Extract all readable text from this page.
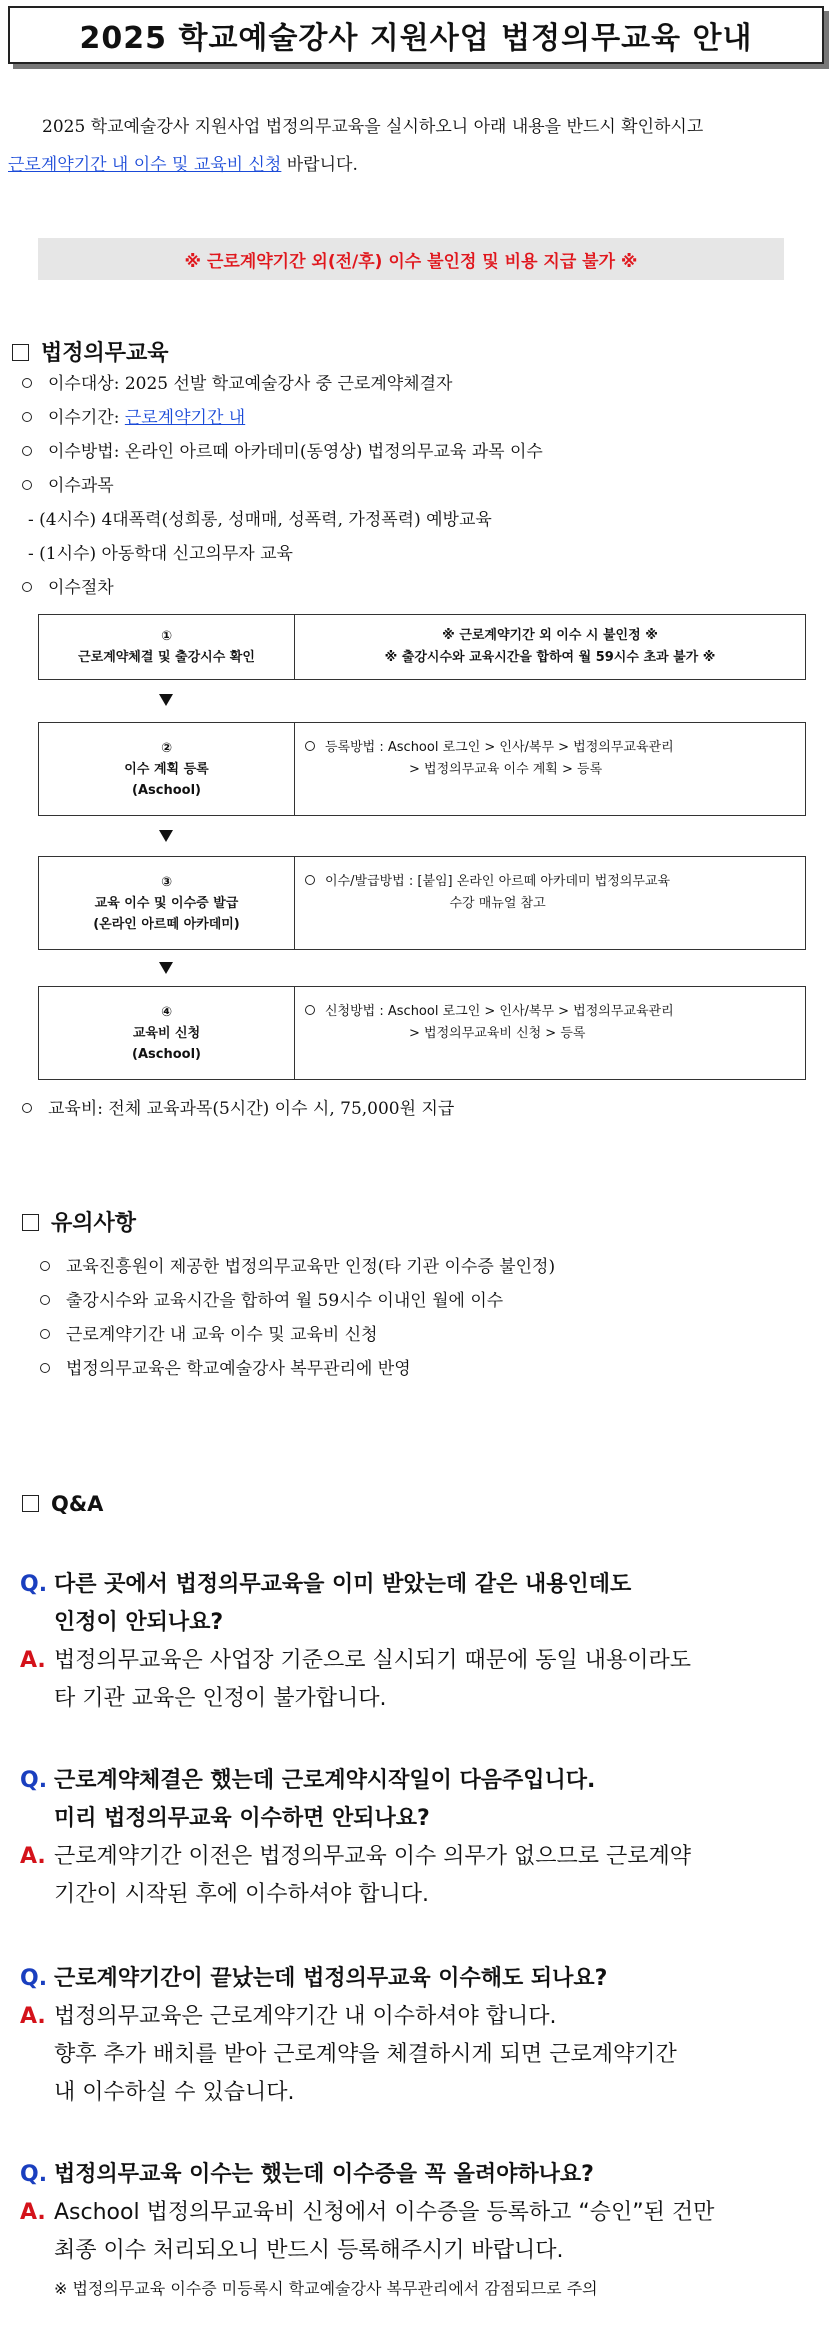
2025 학교예술강사 지원사업 법정의무교육 안내
2025 학교예술강사 지원사업 법정의무교육을 실시하오니 아래 내용을 반드시 확인하시고
근로계약기간 내 이수 및 교육비 신청 바랍니다.
※ 근로계약기간 외(전/후) 이수 불인정 및 비용 지급 불가 ※
법정의무교육
이수대상: 2025 선발 학교예술강사 중 근로계약체결자
이수기간: 근로계약기간 내
이수방법: 온라인 아르떼 아카데미(동영상) 법정의무교육 과목 이수
이수과목
- (4시수) 4대폭력(성희롱, 성매매, 성폭력, 가정폭력) 예방교육
- (1시수) 아동학대 신고의무자 교육
이수절차
①
근로계약체결 및 출강시수 확인
※ 근로계약기간 외 이수 시 불인정 ※
※ 출강시수와 교육시간을 합하여 월 59시수 초과 불가 ※
②
이수 계획 등록
(Aschool)
등록방법 : Aschool 로그인 > 인사/복무 > 법정의무교육관리
> 법정의무교육 이수 계획 > 등록
③
교육 이수 및 이수증 발급
(온라인 아르떼 아카데미)
이수/발급방법 : [붙임] 온라인 아르떼 아카데미 법정의무교육
수강 매뉴얼 참고
④
교육비 신청
(Aschool)
신청방법 : Aschool 로그인 > 인사/복무 > 법정의무교육관리
> 법정의무교육비 신청 > 등록
교육비: 전체 교육과목(5시간) 이수 시, 75,000원 지급
유의사항
교육진흥원이 제공한 법정의무교육만 인정(타 기관 이수증 불인정)
출강시수와 교육시간을 합하여 월 59시수 이내인 월에 이수
근로계약기간 내 교육 이수 및 교육비 신청
법정의무교육은 학교예술강사 복무관리에 반영
Q&A
Q. 다른 곳에서 법정의무교육을 이미 받았는데 같은 내용인데도
인정이 안되나요?
A. 법정의무교육은 사업장 기준으로 실시되기 때문에 동일 내용이라도
타 기관 교육은 인정이 불가합니다.
Q. 근로계약체결은 했는데 근로계약시작일이 다음주입니다.
미리 법정의무교육 이수하면 안되나요?
A. 근로계약기간 이전은 법정의무교육 이수 의무가 없으므로 근로계약
기간이 시작된 후에 이수하셔야 합니다.
Q. 근로계약기간이 끝났는데 법정의무교육 이수해도 되나요?
A. 법정의무교육은 근로계약기간 내 이수하셔야 합니다.
향후 추가 배치를 받아 근로계약을 체결하시게 되면 근로계약기간
내 이수하실 수 있습니다.
Q. 법정의무교육 이수는 했는데 이수증을 꼭 올려야하나요?
A. Aschool 법정의무교육비 신청에서 이수증을 등록하고 “승인”된 건만
최종 이수 처리되오니 반드시 등록해주시기 바랍니다.
※ 법정의무교육 이수증 미등록시 학교예술강사 복무관리에서 감점되므로 주의
